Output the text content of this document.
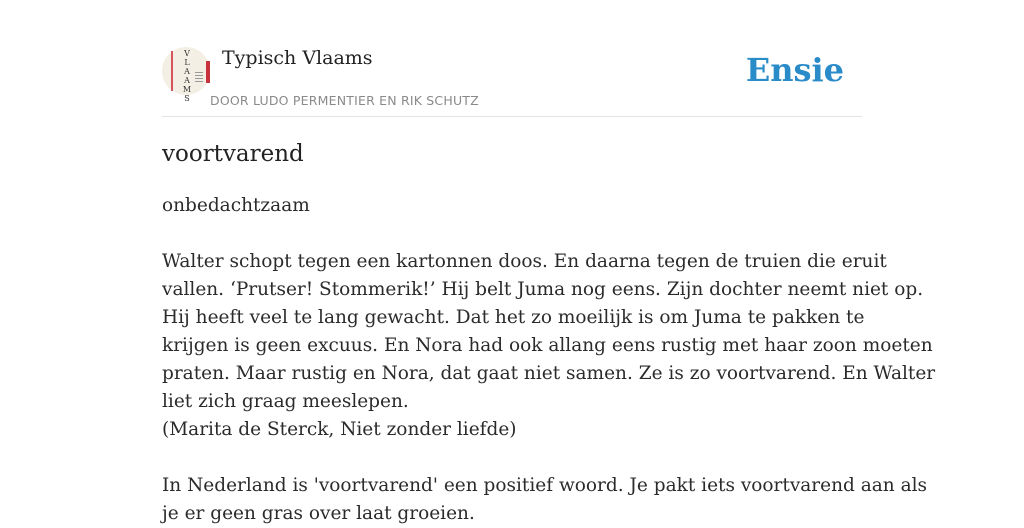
V
L
A
A
M
S
Typisch Vlaams
DOOR LUDO PERMENTIER EN RIK SCHUTZ
Ensie
voortvarend
onbedachtzaam
Walter schopt tegen een kartonnen doos. En daarna tegen de truien die eruit
vallen. ‘Prutser! Stommerik!’ Hij belt Juma nog eens. Zijn dochter neemt niet op.
Hij heeft veel te lang gewacht. Dat het zo moeilijk is om Juma te pakken te
krijgen is geen excuus. En Nora had ook allang eens rustig met haar zoon moeten
praten. Maar rustig en Nora, dat gaat niet samen. Ze is zo voortvarend. En Walter
liet zich graag meeslepen.
(Marita de Sterck, Niet zonder liefde)
In Nederland is 'voortvarend' een positief woord. Je pakt iets voortvarend aan als
je er geen gras over laat groeien.
